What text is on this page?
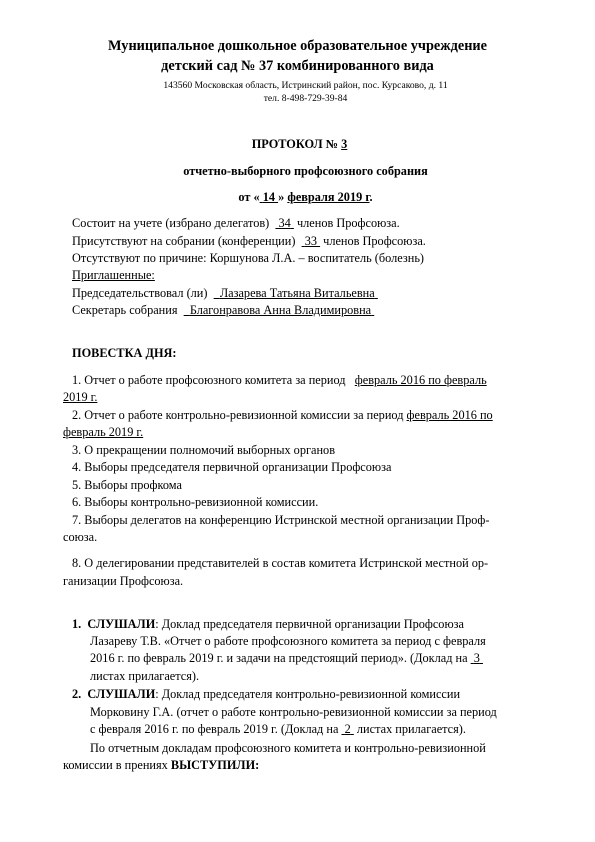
Муниципальное дошкольное образовательное учреждение
детский сад № 37 комбинированного вида
143560 Московская область, Истринский район, пос. Курсаково, д. 11
тел. 8-498-729-39-84
ПРОТОКОЛ № 3
отчетно-выборного профсоюзного собрания
от « 14 » февраля 2019 г.
Состоит на учете (избрано делегатов) 34 членов Профсоюза.
Присутствуют на собрании (конференции) 33 членов Профсоюза.
Отсутствуют по причине: Коршунова Л.А. – воспитатель (болезнь)
Приглашенные:
Председательствовал (ли) Лазарева Татьяна Витальевна
Секретарь собрания Благонравова Анна Владимировна
ПОВЕСТКА ДНЯ:
1. Отчет о работе профсоюзного комитета за период февраль 2016 по февраль
2019 г.
2. Отчет о работе контрольно-ревизионной комиссии за период февраль 2016 по
февраль 2019 г.
3. О прекращении полномочий выборных органов
4. Выборы председателя первичной организации Профсоюза
5. Выборы профкома
6. Выборы контрольно-ревизионной комиссии.
7. Выборы делегатов на конференцию Истринской местной организации Проф-
союза.
8. О делегировании представителей в состав комитета Истринской местной ор-
ганизации Профсоюза.
1. СЛУШАЛИ: Доклад председателя первичной организации Профсоюза
Лазареву Т.В. «Отчет о работе профсоюзного комитета за период с февраля
2016 г. по февраль 2019 г. и задачи на предстоящий период». (Доклад на 3
листах прилагается).
2. СЛУШАЛИ: Доклад председателя контрольно-ревизионной комиссии
Морковину Г.А. (отчет о работе контрольно-ревизионной комиссии за период
с февраля 2016 г. по февраль 2019 г. (Доклад на 2 листах прилагается).
По отчетным докладам профсоюзного комитета и контрольно-ревизионной
комиссии в прениях ВЫСТУПИЛИ:
